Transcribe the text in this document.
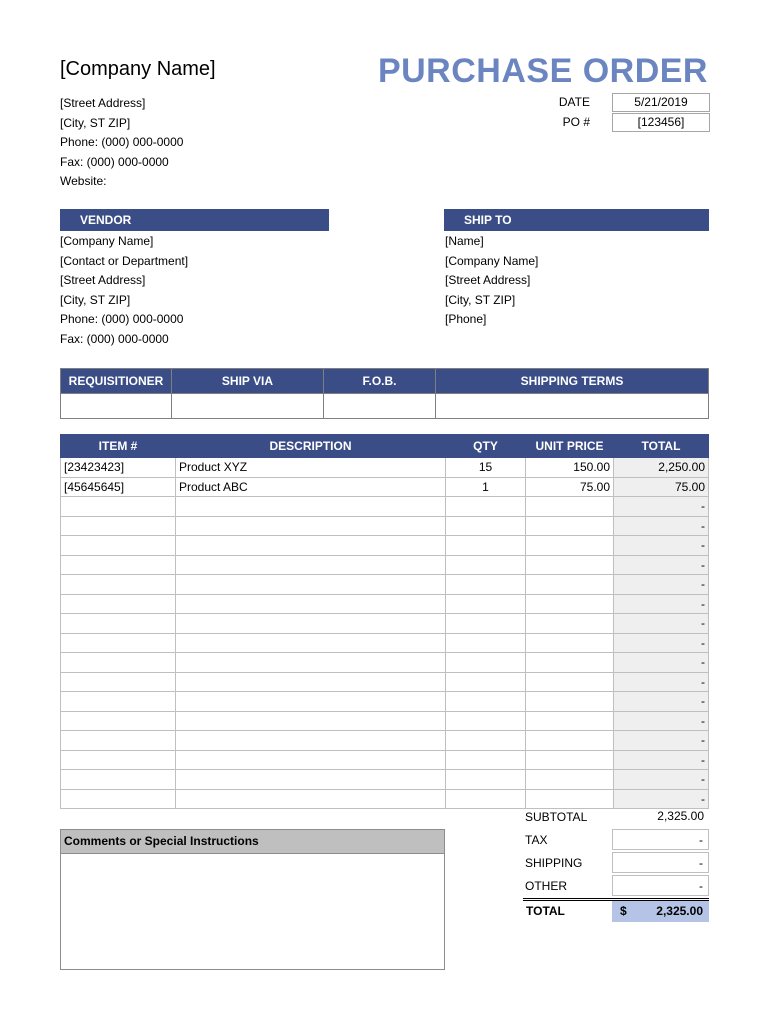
[Company Name]
[Street Address]
[City, ST ZIP]
Phone: (000) 000-0000
Fax: (000) 000-0000
Website:
PURCHASE ORDER
DATE	5/21/2019
PO #	[123456]
VENDOR
[Company Name]
[Contact or Department]
[Street Address]
[City, ST ZIP]
Phone: (000) 000-0000
Fax: (000) 000-0000
SHIP TO
[Name]
[Company Name]
[Street Address]
[City, ST ZIP]
[Phone]
REQUISITIONER	SHIP VIA	F.O.B.	SHIPPING TERMS

ITEM #	DESCRIPTION	QTY	UNIT PRICE	TOTAL
[23423423]	Product XYZ	15	150.00	2,250.00
[45645645]	Product ABC	1	75.00	75.00
				-
				-
				-
				-
				-
				-
				-
				-
				-
				-
				-
				-
				-
				-
				-
				-
SUBTOTAL	2,325.00
TAX	-
SHIPPING	-
OTHER	-
TOTAL	$ 2,325.00
Comments or Special Instructions
